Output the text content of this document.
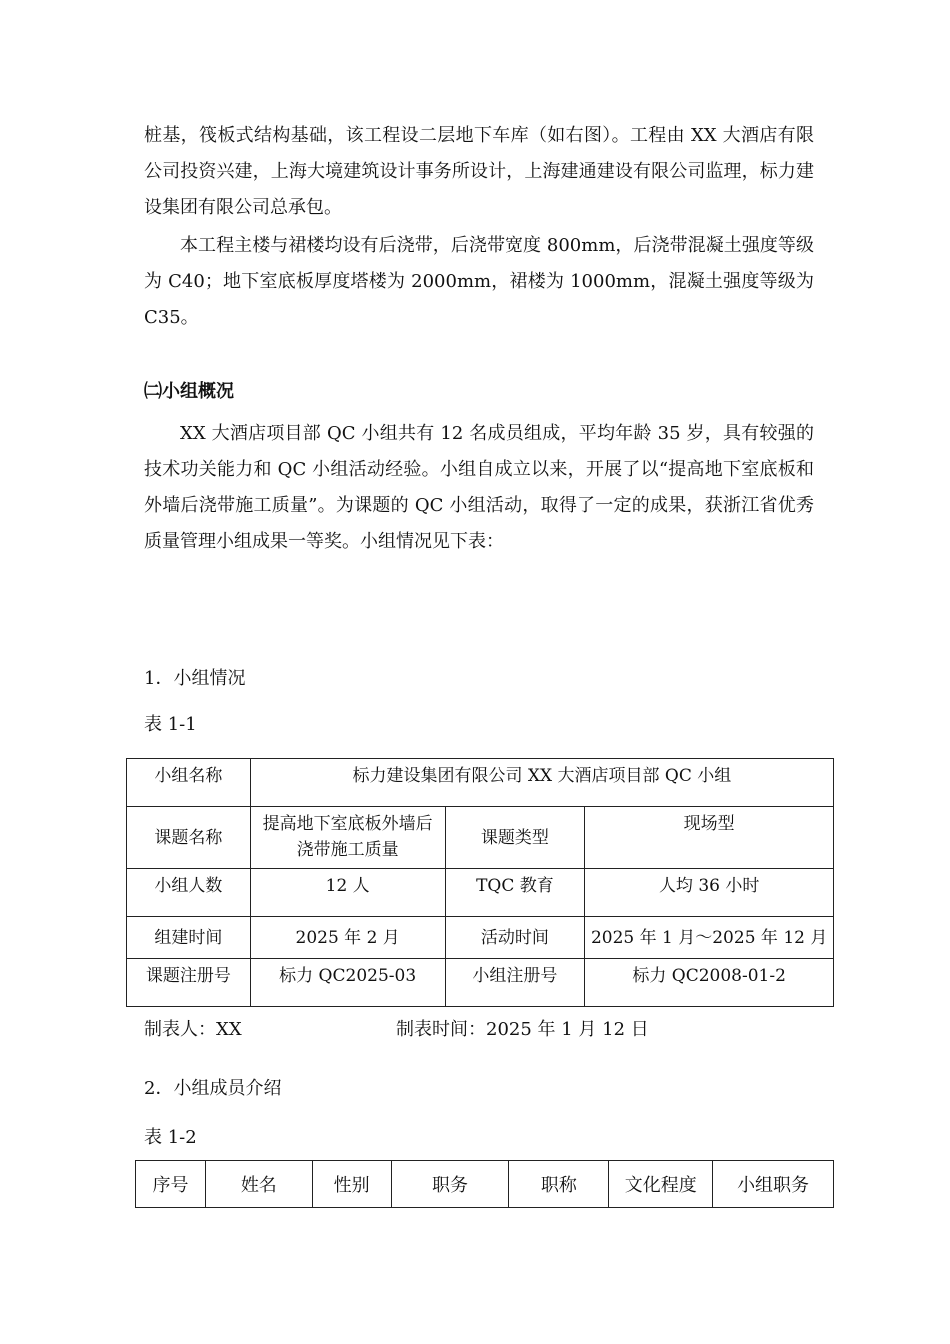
桩基，筏板式结构基础，该工程设二层地下车库（如右图）。工程由 XX 大酒店有限公司投资兴建，上海大境建筑设计事务所设计，上海建通建设有限公司监理，标力建设集团有限公司总承包。

本工程主楼与裙楼均设有后浇带，后浇带宽度 800mm，后浇带混凝土强度等级为 C40；地下室底板厚度塔楼为 2000mm，裙楼为 1000mm，混凝土强度等级为 C35。

㈡小组概况

XX 大酒店项目部 QC 小组共有 12 名成员组成，平均年龄 35 岁，具有较强的技术功关能力和 QC 小组活动经验。小组自成立以来，开展了以“提高地下室底板和外墙后浇带施工质量”。为课题的 QC 小组活动，取得了一定的成果，获浙江省优秀质量管理小组成果一等奖。小组情况见下表：

1．小组情况

表 1-1

小组名称	标力建设集团有限公司 XX 大酒店项目部 QC 小组		
课题名称	提高地下室底板外墙后浇带施工质量	课题类型	现场型
小组人数	12 人	TQC 教育	人均 36 小时
组建时间	2025 年 2 月	活动时间	2025 年 1 月～2025 年 12 月
课题注册号	标力 QC2025-03	小组注册号	标力 QC2008-01-2

制表人：XX	制表时间：2025 年 1 月 12 日

2．小组成员介绍

表 1-2

序号	姓名	性别	职务	职称	文化程度	小组职务
